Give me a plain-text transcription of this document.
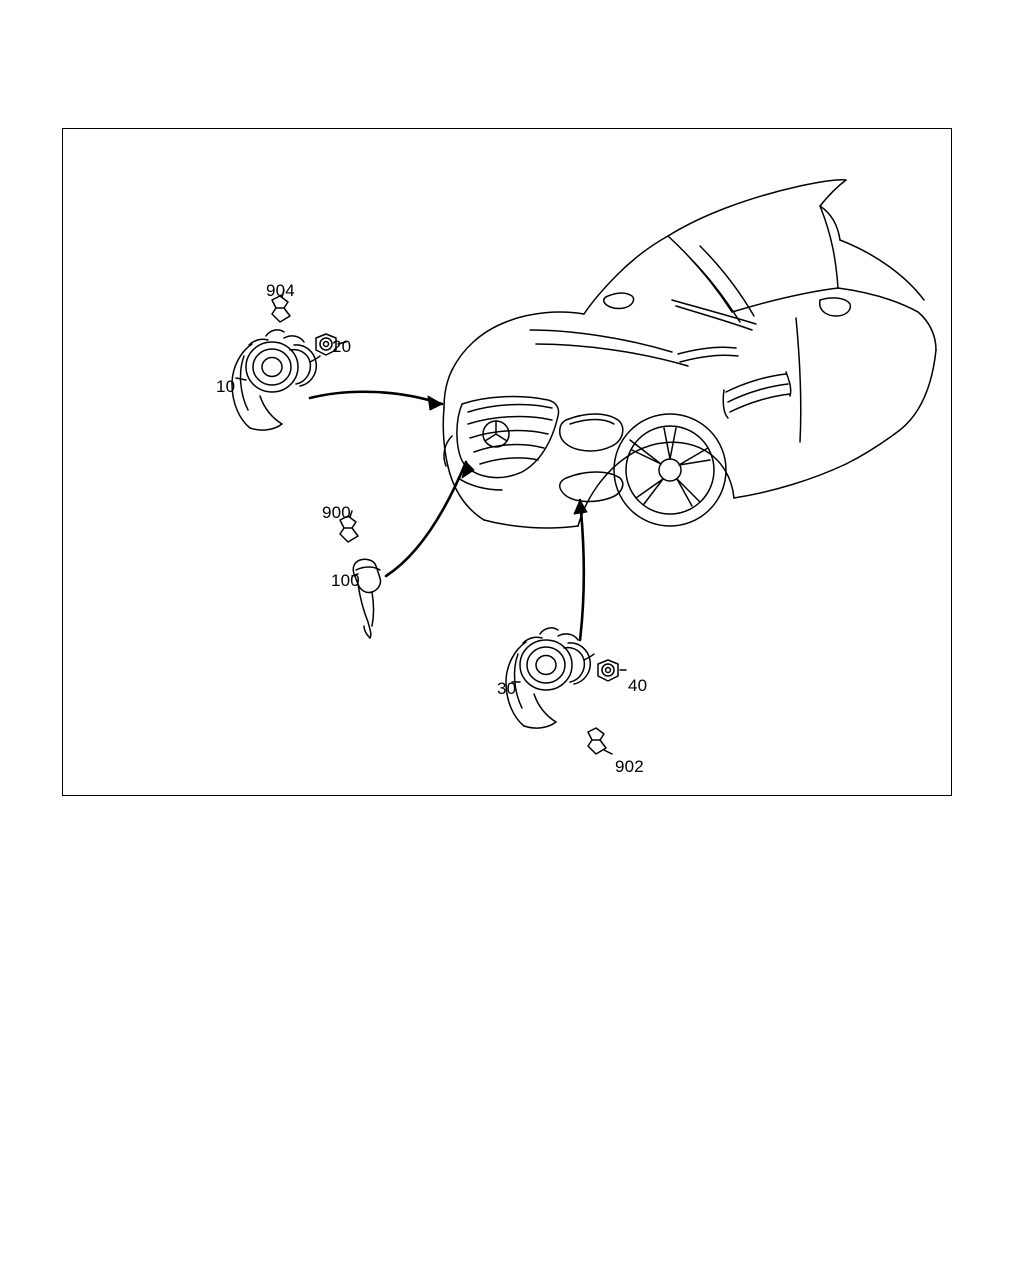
904
20
10
900
100
30	40
902
